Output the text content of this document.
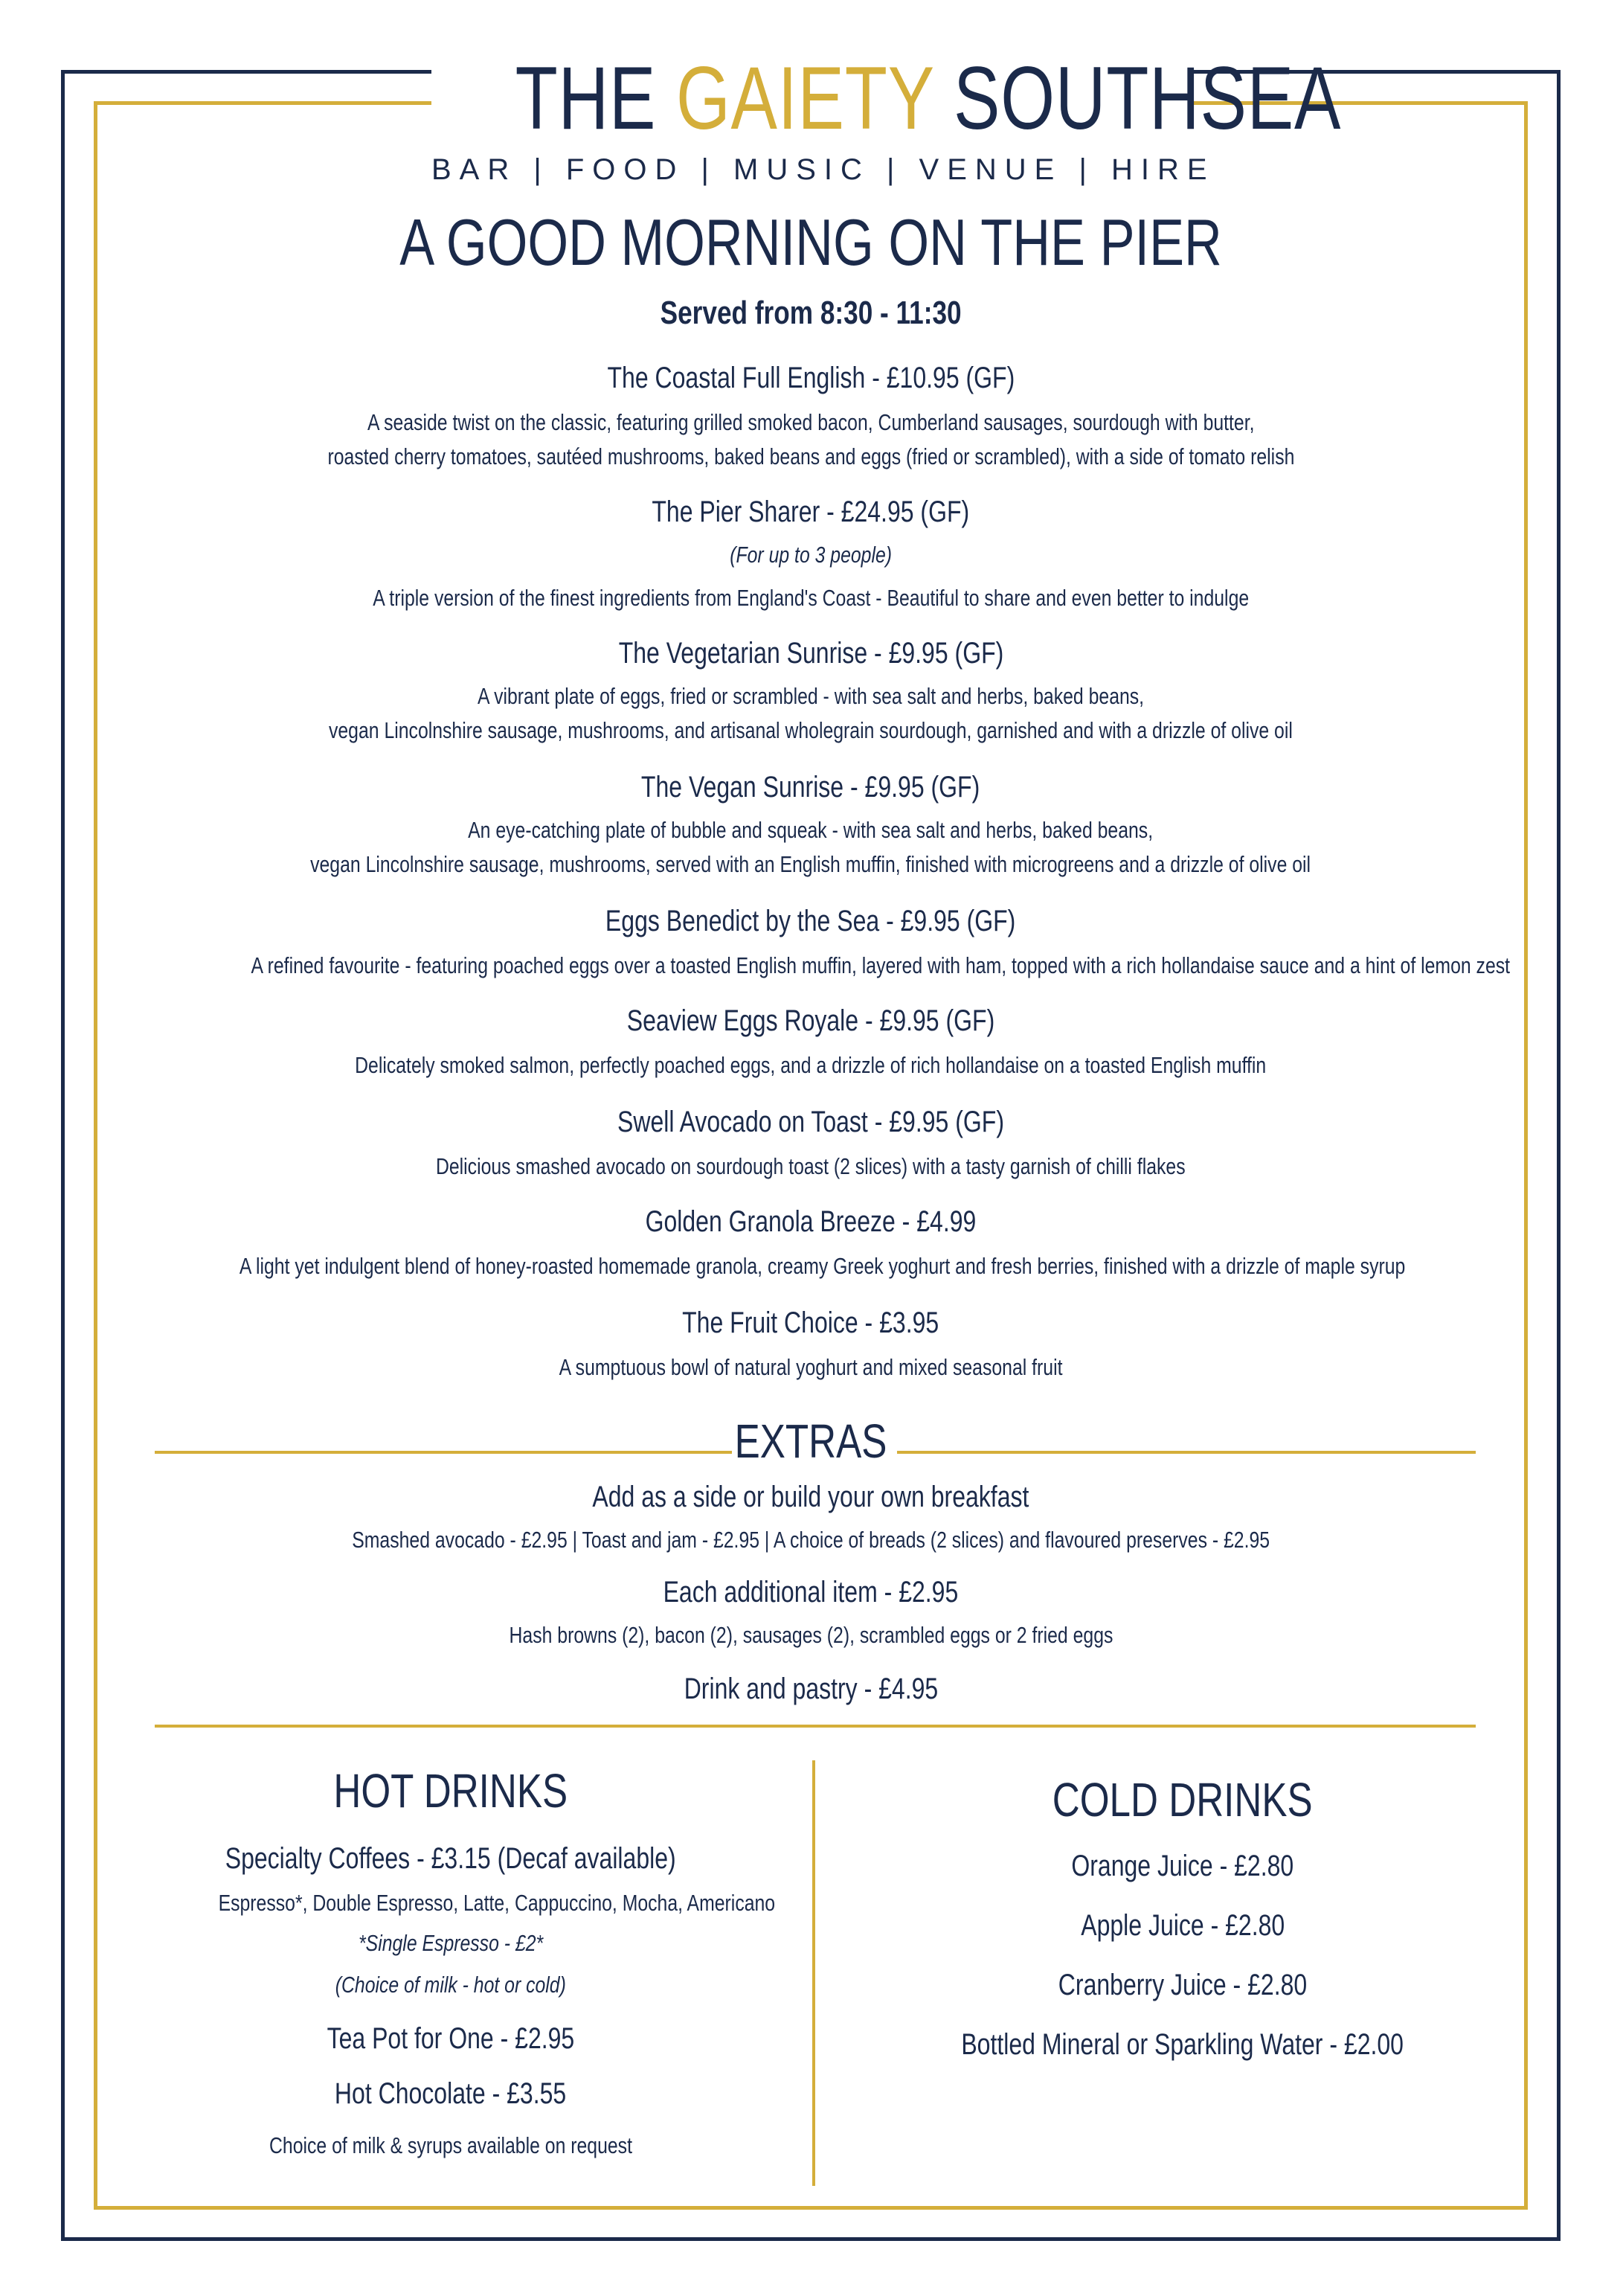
THE GAIETY SOUTHSEA
BAR | FOOD | MUSIC | VENUE | HIRE
A GOOD MORNING ON THE PIER
Served from 8:30 - 11:30
The Coastal Full English - £10.95 (GF)
A seaside twist on the classic, featuring grilled smoked bacon, Cumberland sausages, sourdough with butter,
roasted cherry tomatoes, sautéed mushrooms, baked beans and eggs (fried or scrambled), with a side of tomato relish
The Pier Sharer - £24.95 (GF)
(For up to 3 people)
A triple version of the finest ingredients from England's Coast - Beautiful to share and even better to indulge
The Vegetarian Sunrise - £9.95 (GF)
A vibrant plate of eggs, fried or scrambled - with sea salt and herbs, baked beans,
vegan Lincolnshire sausage, mushrooms, and artisanal wholegrain sourdough, garnished and with a drizzle of olive oil
The Vegan Sunrise - £9.95 (GF)
An eye-catching plate of bubble and squeak - with sea salt and herbs, baked beans,
vegan Lincolnshire sausage, mushrooms, served with an English muffin, finished with microgreens and a drizzle of olive oil
Eggs Benedict by the Sea - £9.95 (GF)
A refined favourite - featuring poached eggs over a toasted English muffin, layered with ham, topped with a rich hollandaise sauce and a hint of lemon zest
Seaview Eggs Royale - £9.95 (GF)
Delicately smoked salmon, perfectly poached eggs, and a drizzle of rich hollandaise on a toasted English muffin
Swell Avocado on Toast - £9.95 (GF)
Delicious smashed avocado on sourdough toast (2 slices) with a tasty garnish of chilli flakes
Golden Granola Breeze - £4.99
A light yet indulgent blend of honey-roasted homemade granola, creamy Greek yoghurt and fresh berries, finished with a drizzle of maple syrup
The Fruit Choice - £3.95
A sumptuous bowl of natural yoghurt and mixed seasonal fruit
EXTRAS
Add as a side or build your own breakfast
Smashed avocado - £2.95 | Toast and jam - £2.95 | A choice of breads (2 slices) and flavoured preserves - £2.95
Each additional item - £2.95
Hash browns (2), bacon (2), sausages (2), scrambled eggs or 2 fried eggs
Drink and pastry - £4.95
HOT DRINKS
Specialty Coffees - £3.15 (Decaf available)
Espresso*, Double Espresso, Latte, Cappuccino, Mocha, Americano
*Single Espresso - £2*
(Choice of milk - hot or cold)
Tea Pot for One - £2.95
Hot Chocolate - £3.55
Choice of milk & syrups available on request
COLD DRINKS
Orange Juice - £2.80
Apple Juice - £2.80
Cranberry Juice - £2.80
Bottled Mineral or Sparkling Water - £2.00
